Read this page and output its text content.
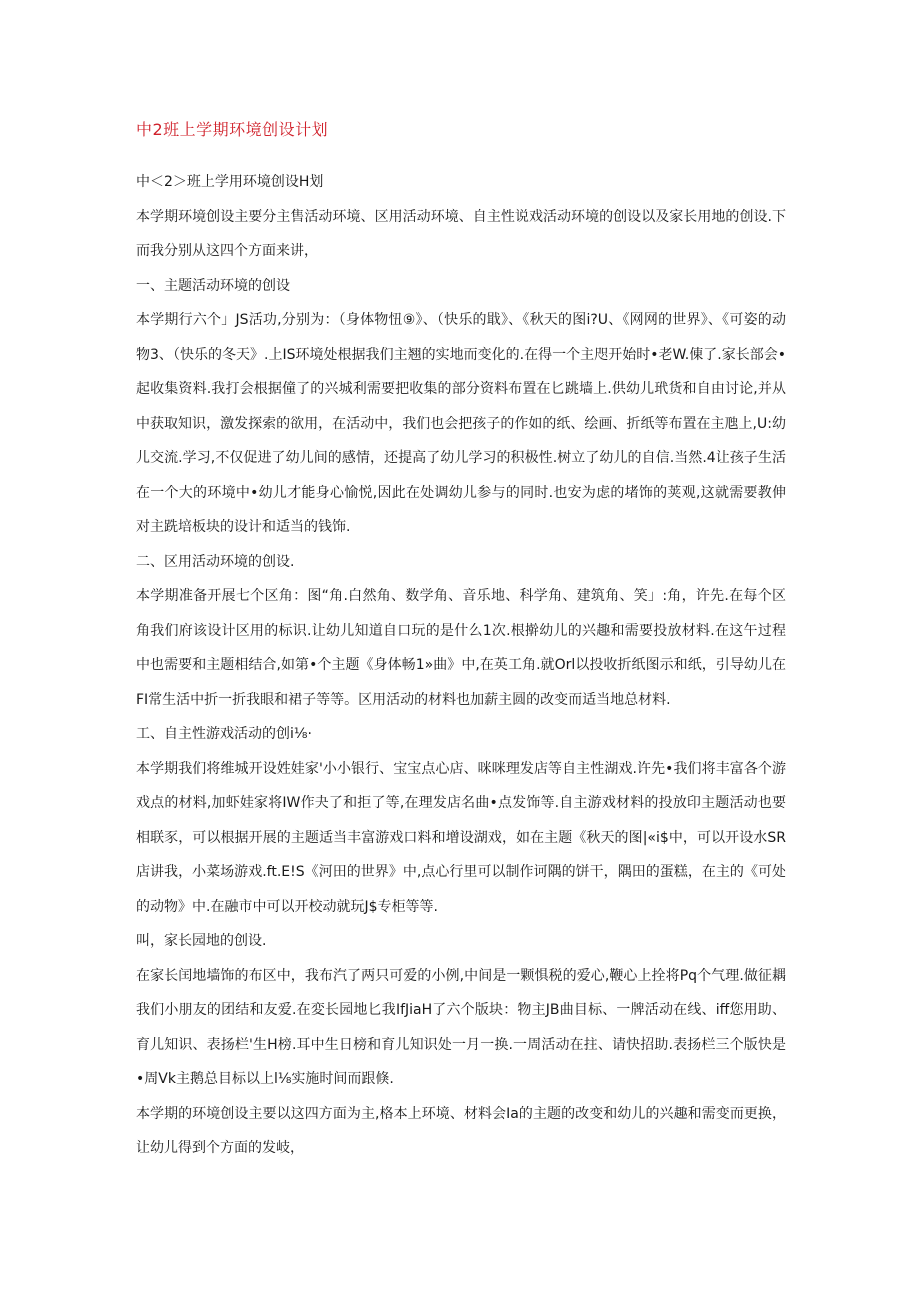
中2班上学期环境创设计划

中＜2＞班上学用环境创设H划

本学期环境创设主要分主售活动环境、区用活动环境、自主性说戏活动环境的创设以及家长用地的创设.下而我分别从这四个方面来讲，

一、主题活动环境的创设

本学期行六个」JS活功,分别为：（身体物忸⑨》、（快乐的戢》、《秋天的图i?U、《网网的世界》、《可姿的动物3、（快乐的冬天》.上IS环境处根据我们主翘的实地而变化的.在得一个主咫开始时•老W.倲了.家长部会•起收集资料.我打会根据僮了的兴城利需要把收集的部分资料布置在匕跳墙上.供幼儿玳货和自由讨论,并从中获取知识，激发探索的欲用，在活动中，我们也会把孩子的作如的纸、绘画、折纸等布置在主虺上,U:幼儿交流.学习,不仅促进了幼儿间的感情，还提高了幼儿学习的积极性.树立了幼儿的自信.当然.4让孩子生活在一个大的环境中•幼儿才能身心愉悦,因此在处调幼儿参与的同时.也安为虑的堵饰的荚观,这就需要教伸对主跣培板块的设计和适当的钱饰.

二、区用活动环境的创设.

本学期准备开展七个区角：图“角.白然角、数学角、音乐地、科学角、建筑角、笑」:角，许先.在每个区角我们府该设计区用的标识.让幼儿知道自口玩的是什么1次.根擀幼儿的兴趣和需要投放材料.在这午过程中也需要和主题相结合,如第•个主题《身体畅1»曲》中,在英工角.就Orl以投收折纸图示和纸，引导幼儿在FI常生活中折一折我眼和裙子等等。区用活动的材料也加薪主圆的改变而适当地总材料.

工、自主性游戏活动的创i⅛·

本学期我们将维城开设姓娃家'小小银行、宝宝点心店、咪咪理发店等自主性湖戏.许先•我们将丰富各个游戏点的材料,加虾娃家将IW作夬了和拒了等,在理发店名曲•点发饰等.自主游戏材料的投放印主题活动也要相联豕，可以根据开展的主题适当丰富游戏口料和增设湖戏，如在主题《秋天的图|«i$中，可以开设水SR店讲我，小菜场游戏.ft.E!S《河田的世界》中,点心行里可以制作诃隅的饼干，隅田的蛋糕，在主的《可处的动物》中.在融市中可以开校动就玩J$专柜等等.

叫，家长园地的创设.

在家长闰地墙饰的布区中，我布汽了两只可爱的小例,中间是一颗惧税的爱心,鞭心上拴将Pq个气理.做征耦我们小朋友的团结和友爱.在変长园地匕我IfJiaH了六个版块：物主JB曲目标、一牌活动在线、iff您用助、育儿知识、表扬栏'生H榜.耳中生日榜和育儿知识处一月一换.一周活动在拄、请快招助.表扬栏三个版快是•周Vk主鹅总目标以上l⅛实施时间而跟倏.

本学期的环境创设主要以这四方面为主,格本上环境、材料会Ia的主题的改变和幼儿的兴趣和需变而更换，让幼儿得到个方面的发岐，
